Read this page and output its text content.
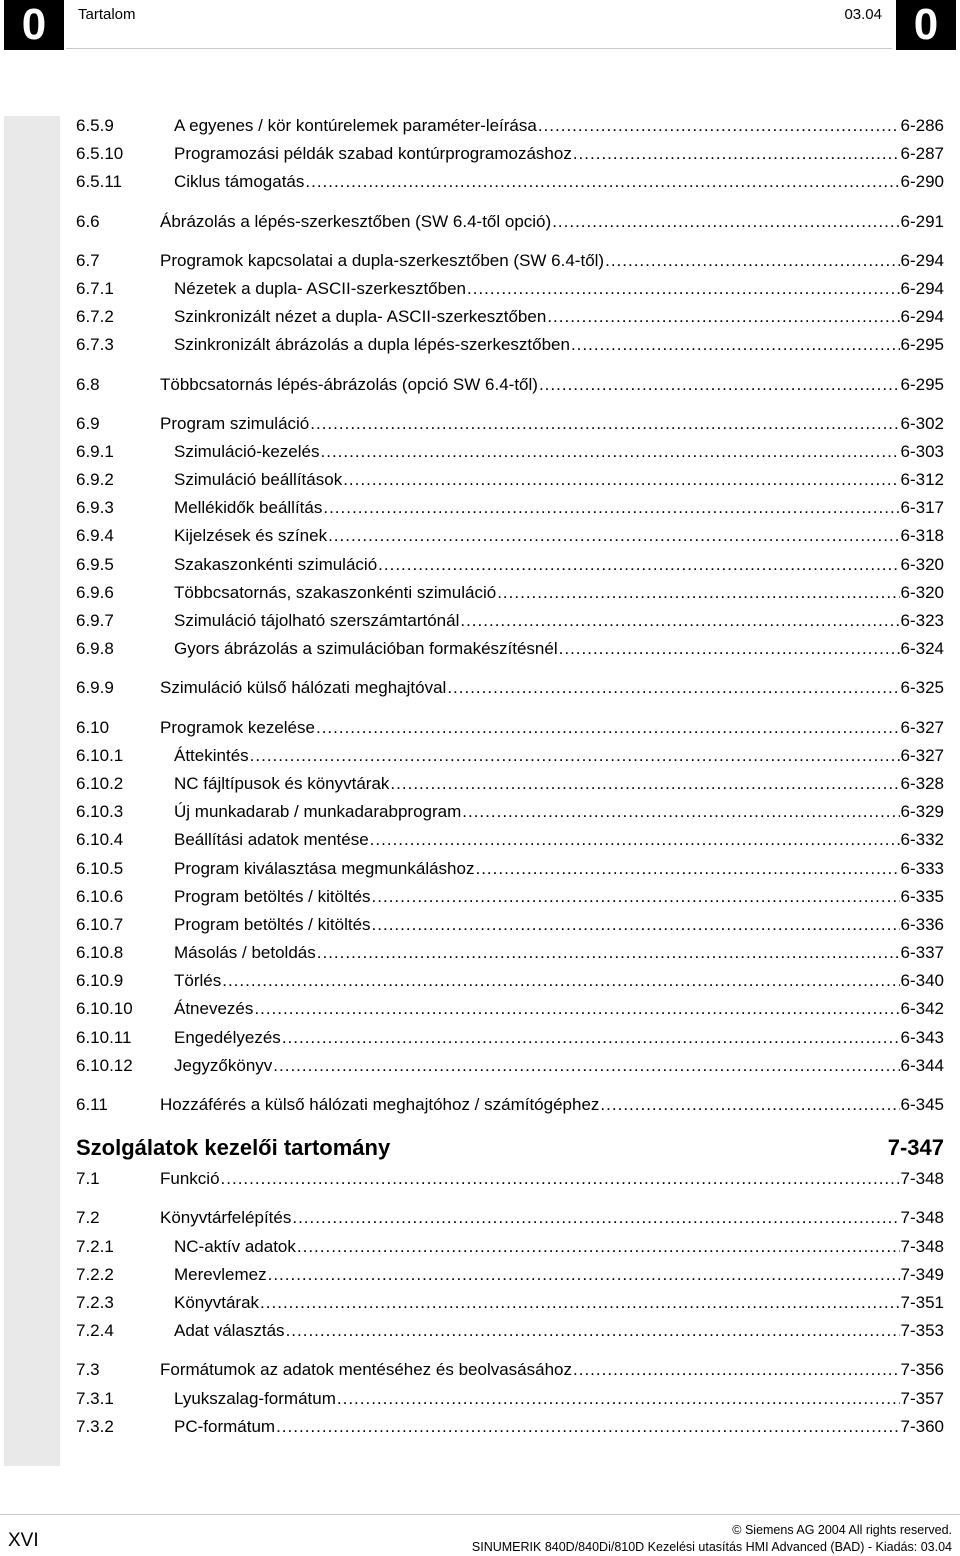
0	Tartalom	03.04 0
6.5.9	A egyenes / kör kontúrelemek paraméter-leírása .....	6-286
6.5.10	Programozási példák szabad kontúrprogramozáshoz .....	6-287
6.5.11	Ciklus támogatás .....	6-290
6.6	Ábrázolás a lépés-szerkesztőben (SW 6.4-től opció) .....	6-291
6.7	Programok kapcsolatai a dupla-szerkesztőben (SW 6.4-től) .....	6-294
6.7.1	Nézetek a dupla- ASCII-szerkesztőben .....	6-294
6.7.2	Szinkronizált nézet a dupla- ASCII-szerkesztőben .....	6-294
6.7.3	Szinkronizált ábrázolás a dupla lépés-szerkesztőben .....	6-295
6.8	Többcsatornás lépés-ábrázolás (opció SW 6.4-től) .....	6-295
6.9	Program szimuláció .....	6-302
6.9.1	Szimuláció-kezelés .....	6-303
6.9.2	Szimuláció beállítások .....	6-312
6.9.3	Mellékidők beállítás .....	6-317
6.9.4	Kijelzések és színek .....	6-318
6.9.5	Szakaszonkénti szimuláció .....	6-320
6.9.6	Többcsatornás, szakaszonkénti szimuláció .....	6-320
6.9.7	Szimuláció tájolható szerszámtartónál .....	6-323
6.9.8	Gyors ábrázolás a szimulációban formakészítésnél .....	6-324
6.9.9	Szimuláció külső hálózati meghajtóval .....	6-325
6.10	Programok kezelése .....	6-327
6.10.1	Áttekintés .....	6-327
6.10.2	NC fájltípusok és könyvtárak .....	6-328
6.10.3	Új munkadarab / munkadarabprogram .....	6-329
6.10.4	Beállítási adatok mentése .....	6-332
6.10.5	Program kiválasztása megmunkáláshoz .....	6-333
6.10.6	Program betöltés / kitöltés .....	6-335
6.10.7	Program betöltés / kitöltés .....	6-336
6.10.8	Másolás / betoldás .....	6-337
6.10.9	Törlés .....	6-340
6.10.10	Átnevezés .....	6-342
6.10.11	Engedélyezés .....	6-343
6.10.12	Jegyzőkönyv .....	6-344
6.11	Hozzáférés a külső hálózati meghajtóhoz / számítógéphez .....	6-345
Szolgálatok kezelői tartomány	7-347
7.1	Funkció .....	7-348
7.2	Könyvtárfelépítés .....	7-348
7.2.1	NC-aktív adatok .....	7-348
7.2.2	Merevlemez .....	7-349
7.2.3	Könyvtárak .....	7-351
7.2.4	Adat választás .....	7-353
7.3	Formátumok az adatok mentéséhez és beolvasásához .....	7-356
7.3.1	Lyukszalag-formátum .....	7-357
7.3.2	PC-formátum .....	7-360
XVI	© Siemens AG 2004 All rights reserved.
SINUMERIK 840D/840Di/810D Kezelési utasítás HMI Advanced (BAD) - Kiadás: 03.04
